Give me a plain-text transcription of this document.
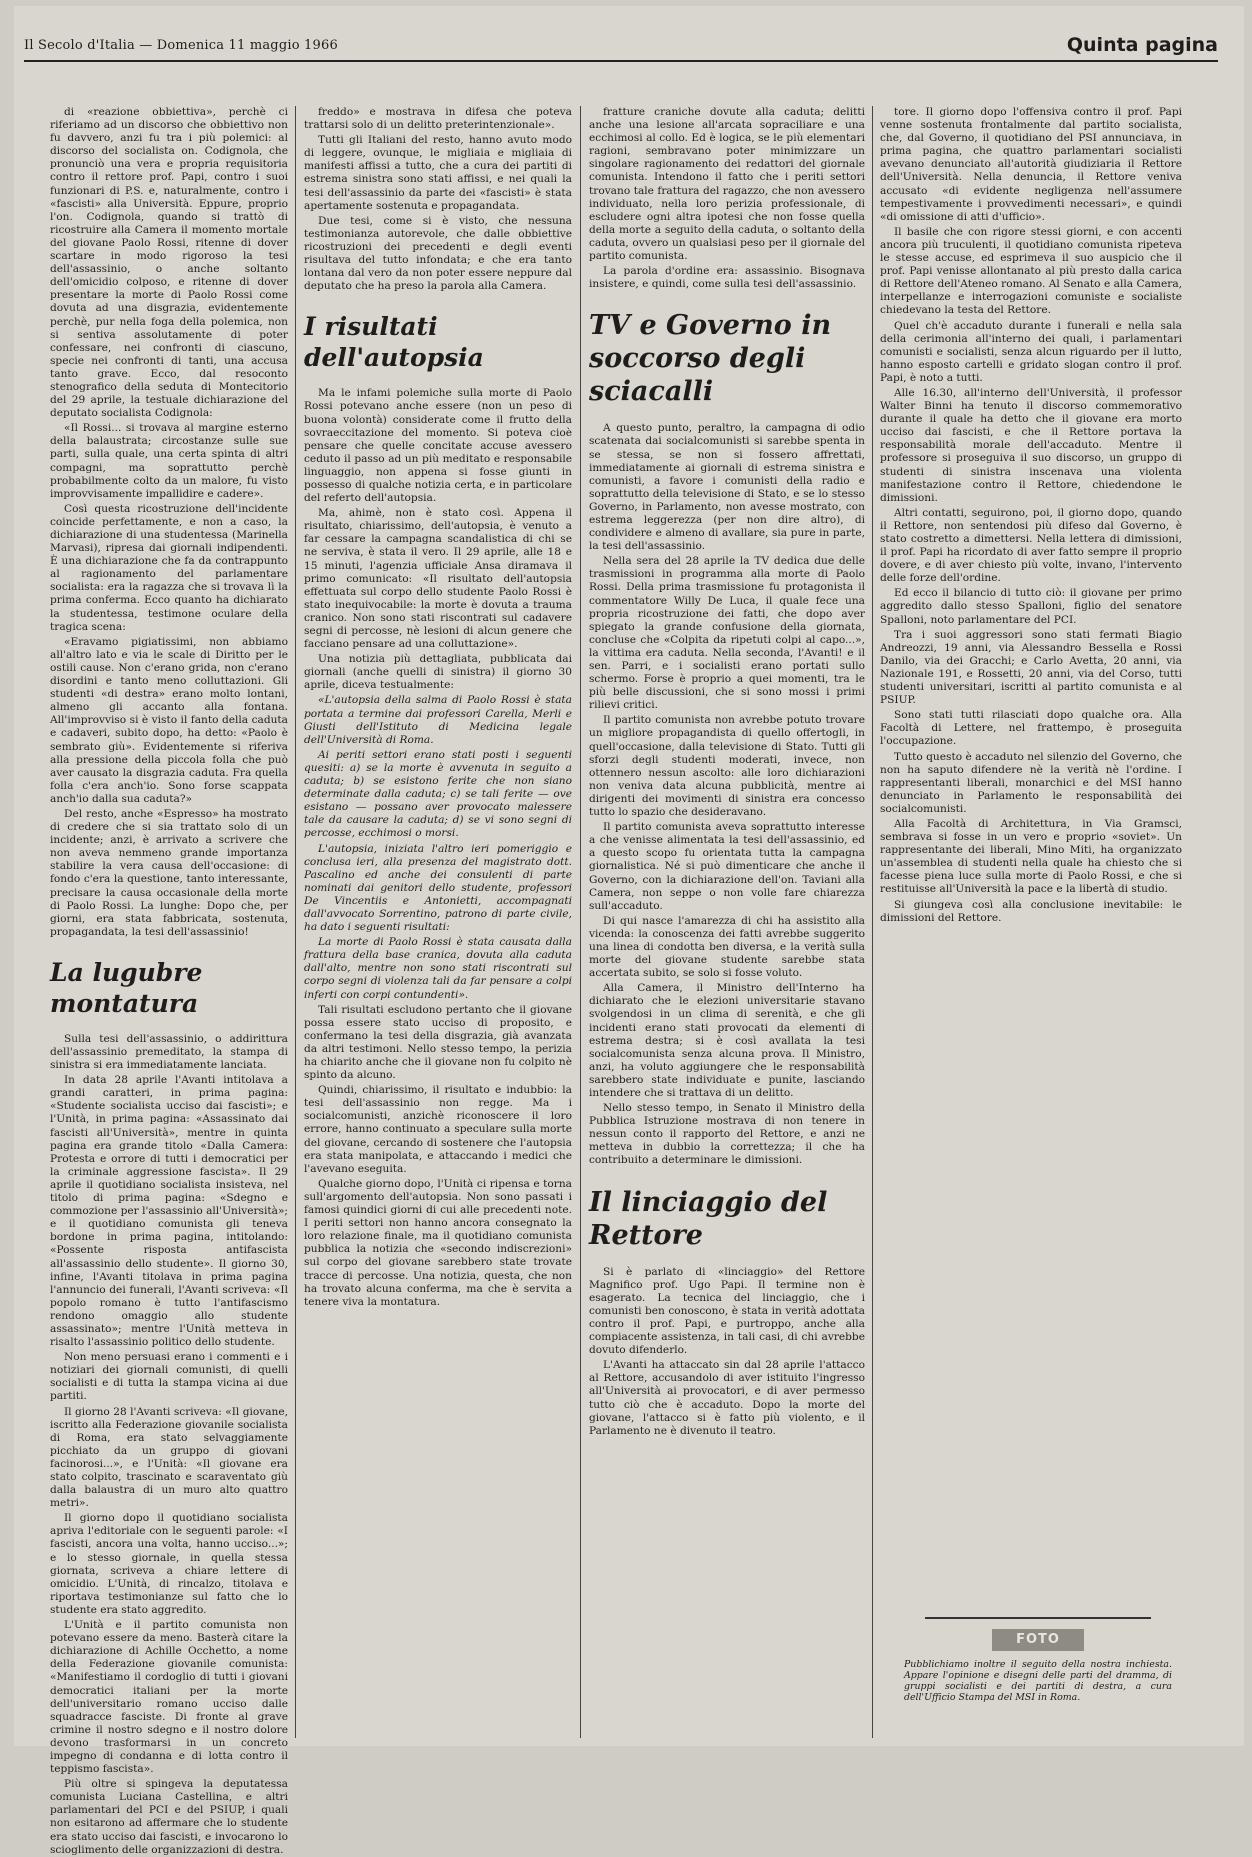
Il Secolo d'Italia — Domenica 11 maggio 1966	Quinta pagina

di «reazione obbiettiva», perchè ci riferiamo ad un discorso che obbiettivo non fu davvero, anzi fu tra i più polemici: al discorso del socialista on. Codignola, che pronunciò una vera e propria requisitoria contro il rettore prof. Papi, contro i suoi funzionari di P.S. e, naturalmente, contro i «fascisti» alla Università. Eppure, proprio l'on. Codignola, quando si trattò di ricostruire alla Camera il momento mortale del giovane Paolo Rossi, ritenne di dover scartare in modo rigoroso la tesi dell'assassinio, o anche soltanto dell'omicidio colposo, e ritenne di dover presentare la morte di Paolo Rossi come dovuta ad una disgrazia, evidentemente perchè, pur nella foga della polemica, non si sentiva assolutamente di poter confessare, nei confronti di ciascuno, specie nei confronti di tanti, una accusa tanto grave. Ecco, dal resoconto stenografico della seduta di Montecitorio del 29 aprile, la testuale dichiarazione del deputato socialista Codignola:

«Il Rossi... si trovava al margine esterno della balaustrata; circostanze sulle sue parti, sulla quale, una certa spinta di altri compagni, ma soprattutto perchè probabilmente colto da un malore, fu visto improvvisamente impallidire e cadere».

Così questa ricostruzione dell'incidente coincide perfettamente, e non a caso, la dichiarazione di una studentessa (Marinella Marvasi), ripresa dai giornali indipendenti. È una dichiarazione che fa da contrappunto al ragionamento del parlamentare socialista: era la ragazza che si trovava lì la prima conferma. Ecco quanto ha dichiarato la studentessa, testimone oculare della tragica scena:

«Eravamo pigiatissimi, non abbiamo all'altro lato e via le scale di Diritto per le ostili cause. Non c'erano grida, non c'erano disordini e tanto meno colluttazioni. Gli studenti «di destra» erano molto lontani, almeno gli accanto alla fontana. All'improvviso si è visto il fanto della caduta e cadaveri, subito dopo, ha detto: «Paolo è sembrato giù». Evidentemente si riferiva alla pressione della piccola folla che può aver causato la disgrazia caduta. Fra quella folla c'era anch'io. Sono forse scappata anch'io dalla sua caduta?»

Del resto, anche «Espresso» ha mostrato di credere che si sia trattato solo di un incidente; anzi, è arrivato a scrivere che non aveva nemmeno grande importanza stabilire la vera causa dell'occasione: di fondo c'era la questione, tanto interessante, precisare la causa occasionale della morte di Paolo Rossi. La lunghe: Dopo che, per giorni, era stata fabbricata, sostenuta, propagandata, la tesi dell'assassinio!

La lugubre montatura

Sulla tesi dell'assassinio, o addirittura dell'assassinio premeditato, la stampa di sinistra si era immediatamente lanciata.

In data 28 aprile l'Avanti intitolava a grandi caratteri, in prima pagina: «Studente socialista ucciso dai fascisti»; e l'Unità, in prima pagina: «Assassinato dai fascisti all'Università», mentre in quinta pagina era grande titolo «Dalla Camera: Protesta e orrore di tutti i democratici per la criminale aggressione fascista». Il 29 aprile il quotidiano socialista insisteva, nel titolo di prima pagina: «Sdegno e commozione per l'assassinio all'Università»; e il quotidiano comunista gli teneva bordone in prima pagina, intitolando: «Possente risposta antifascista all'assassinio dello studente». Il giorno 30, infine, l'Avanti titolava in prima pagina l'annuncio dei funerali, l'Avanti scriveva: «Il popolo romano è tutto l'antifascismo rendono omaggio allo studente assassinato»; mentre l'Unità metteva in risalto l'assassinio politico dello studente.

Non meno persuasi erano i commenti e i notiziari dei giornali comunisti, di quelli socialisti e di tutta la stampa vicina ai due partiti.

Il giorno 28 l'Avanti scriveva: «Il giovane, iscritto alla Federazione giovanile socialista di Roma, era stato selvaggiamente picchiato da un gruppo di giovani facinorosi...», e l'Unità: «Il giovane era stato colpito, trascinato e scaraventato giù dalla balaustra di un muro alto quattro metri».

Il giorno dopo il quotidiano socialista apriva l'editoriale con le seguenti parole: «I fascisti, ancora una volta, hanno ucciso...»; e lo stesso giornale, in quella stessa giornata, scriveva a chiare lettere di omicidio. L'Unità, di rincalzo, titolava e riportava testimonianze sul fatto che lo studente era stato aggredito.

L'Unità e il partito comunista non potevano essere da meno. Basterà citare la dichiarazione di Achille Occhetto, a nome della Federazione giovanile comunista: «Manifestiamo il cordoglio di tutti i giovani democratici italiani per la morte dell'universitario romano ucciso dalle squadracce fasciste. Di fronte al grave crimine il nostro sdegno e il nostro dolore devono trasformarsi in un concreto impegno di condanna e di lotta contro il teppismo fascista».

Più oltre si spingeva la deputatessa comunista Luciana Castellina, e altri parlamentari del PCI e del PSIUP, i quali non esitarono ad affermare che lo studente era stato ucciso dai fascisti, e invocarono lo scioglimento delle organizzazioni di destra.

freddo» e mostrava in difesa che poteva trattarsi solo di un delitto preterintenzionale».

Tutti gli Italiani del resto, hanno avuto modo di leggere, ovunque, le migliaia e migliaia di manifesti affissi a tutto, che a cura dei partiti di estrema sinistra sono stati affissi, e nei quali la tesi dell'assassinio da parte dei «fascisti» è stata apertamente sostenuta e propagandata.

Due tesi, come si è visto, che nessuna testimonianza autorevole, che dalle obbiettive ricostruzioni dei precedenti e degli eventi risultava del tutto infondata; e che era tanto lontana dal vero da non poter essere neppure dal deputato che ha preso la parola alla Camera.

I risultati dell'autopsia

Ma le infami polemiche sulla morte di Paolo Rossi potevano anche essere (non un peso di buona volontà) considerate come il frutto della sovraeccitazione del momento. Si poteva cioè pensare che quelle concitate accuse avessero ceduto il passo ad un più meditato e responsabile linguaggio, non appena si fosse giunti in possesso di qualche notizia certa, e in particolare del referto dell'autopsia.

Ma, ahimè, non è stato così. Appena il risultato, chiarissimo, dell'autopsia, è venuto a far cessare la campagna scandalistica di chi se ne serviva, è stata il vero. Il 29 aprile, alle 18 e 15 minuti, l'agenzia ufficiale Ansa diramava il primo comunicato: «Il risultato dell'autopsia effettuata sul corpo dello studente Paolo Rossi è stato inequivocabile: la morte è dovuta a trauma cranico. Non sono stati riscontrati sul cadavere segni di percosse, nè lesioni di alcun genere che facciano pensare ad una colluttazione».

Una notizia più dettagliata, pubblicata dai giornali (anche quelli di sinistra) il giorno 30 aprile, diceva testualmente:

«L'autopsia della salma di Paolo Rossi è stata portata a termine dai professori Carella, Merli e Giusti dell'Istituto di Medicina legale dell'Università di Roma.

Ai periti settori erano stati posti i seguenti quesiti: a) se la morte è avvenuta in seguito a caduta; b) se esistono ferite che non siano determinate dalla caduta; c) se tali ferite — ove esistano — possano aver provocato malessere tale da causare la caduta; d) se vi sono segni di percosse, ecchimosi o morsi.

L'autopsia, iniziata l'altro ieri pomeriggio e conclusa ieri, alla presenza del magistrato dott. Pascalino ed anche dei consulenti di parte nominati dai genitori dello studente, professori De Vincentiis e Antonietti, accompagnati dall'avvocato Sorrentino, patrono di parte civile, ha dato i seguenti risultati:

La morte di Paolo Rossi è stata causata dalla frattura della base cranica, dovuta alla caduta dall'alto, mentre non sono stati riscontrati sul corpo segni di violenza tali da far pensare a colpi inferti con corpi contundenti».

Tali risultati escludono pertanto che il giovane possa essere stato ucciso di proposito, e confermano la tesi della disgrazia, già avanzata da altri testimoni. Nello stesso tempo, la perizia ha chiarito anche che il giovane non fu colpito nè spinto da alcuno.

Quindi, chiarissimo, il risultato e indubbio: la tesi dell'assassinio non regge. Ma i socialcomunisti, anzichè riconoscere il loro errore, hanno continuato a speculare sulla morte del giovane, cercando di sostenere che l'autopsia era stata manipolata, e attaccando i medici che l'avevano eseguita.

Qualche giorno dopo, l'Unità ci ripensa e torna sull'argomento dell'autopsia. Non sono passati i famosi quindici giorni di cui alle precedenti note. I periti settori non hanno ancora consegnato la loro relazione finale, ma il quotidiano comunista pubblica la notizia che «secondo indiscrezioni» sul corpo del giovane sarebbero state trovate tracce di percosse. Una notizia, questa, che non ha trovato alcuna conferma, ma che è servita a tenere viva la montatura.

fratture craniche dovute alla caduta; delitti anche una lesione all'arcata sopraciliare e una ecchimosi al collo. Ed è logica, se le più elementari ragioni, sembravano poter minimizzare un singolare ragionamento dei redattori del giornale comunista. Intendono il fatto che i periti settori trovano tale frattura del ragazzo, che non avessero individuato, nella loro perizia professionale, di escludere ogni altra ipotesi che non fosse quella della morte a seguito della caduta, o soltanto della caduta, ovvero un qualsiasi peso per il giornale del partito comunista.

La parola d'ordine era: assassinio. Bisognava insistere, e quindi, come sulla tesi dell'assassinio.

TV e Governo in soccorso degli sciacalli

A questo punto, peraltro, la campagna di odio scatenata dai socialcomunisti si sarebbe spenta in se stessa, se non si fossero affrettati, immediatamente ai giornali di estrema sinistra e comunisti, a favore i comunisti della radio e soprattutto della televisione di Stato, e se lo stesso Governo, in Parlamento, non avesse mostrato, con estrema leggerezza (per non dire altro), di condividere e almeno di avallare, sia pure in parte, la tesi dell'assassinio.

Nella sera del 28 aprile la TV dedica due delle trasmissioni in programma alla morte di Paolo Rossi. Della prima trasmissione fu protagonista il commentatore Willy De Luca, il quale fece una propria ricostruzione dei fatti, che dopo aver spiegato la grande confusione della giornata, concluse che «Colpita da ripetuti colpi al capo...», la vittima era caduta. Nella seconda, l'Avanti! e il sen. Parri, e i socialisti erano portati sullo schermo. Forse è proprio a quei momenti, tra le più belle discussioni, che si sono mossi i primi rilievi critici.

Il partito comunista non avrebbe potuto trovare un migliore propagandista di quello offertogli, in quell'occasione, dalla televisione di Stato. Tutti gli sforzi degli studenti moderati, invece, non ottennero nessun ascolto: alle loro dichiarazioni non veniva data alcuna pubblicità, mentre ai dirigenti dei movimenti di sinistra era concesso tutto lo spazio che desideravano.

Il partito comunista aveva soprattutto interesse a che venisse alimentata la tesi dell'assassinio, ed a questo scopo fu orientata tutta la campagna giornalistica. Né si può dimenticare che anche il Governo, con la dichiarazione dell'on. Taviani alla Camera, non seppe o non volle fare chiarezza sull'accaduto.

Di qui nasce l'amarezza di chi ha assistito alla vicenda: la conoscenza dei fatti avrebbe suggerito una linea di condotta ben diversa, e la verità sulla morte del giovane studente sarebbe stata accertata subito, se solo si fosse voluto.

Alla Camera, il Ministro dell'Interno ha dichiarato che le elezioni universitarie stavano svolgendosi in un clima di serenità, e che gli incidenti erano stati provocati da elementi di estrema destra; si è così avallata la tesi socialcomunista senza alcuna prova. Il Ministro, anzi, ha voluto aggiungere che le responsabilità sarebbero state individuate e punite, lasciando intendere che si trattava di un delitto.

Nello stesso tempo, in Senato il Ministro della Pubblica Istruzione mostrava di non tenere in nessun conto il rapporto del Rettore, e anzi ne metteva in dubbio la correttezza; il che ha contribuito a determinare le dimissioni.

Il linciaggio del Rettore

Si è parlato di «linciaggio» del Rettore Magnifico prof. Ugo Papi. Il termine non è esagerato. La tecnica del linciaggio, che i comunisti ben conoscono, è stata in verità adottata contro il prof. Papi, e purtroppo, anche alla compiacente assistenza, in tali casi, di chi avrebbe dovuto difenderlo.

L'Avanti ha attaccato sin dal 28 aprile l'attacco al Rettore, accusandolo di aver istituito l'ingresso all'Università ai provocatori, e di aver permesso tutto ciò che è accaduto. Dopo la morte del giovane, l'attacco si è fatto più violento, e il Parlamento ne è divenuto il teatro.

tore. Il giorno dopo l'offensiva contro il prof. Papi venne sostenuta frontalmente dal partito socialista, che, dal Governo, il quotidiano del PSI annunciava, in prima pagina, che quattro parlamentari socialisti avevano denunciato all'autorità giudiziaria il Rettore dell'Università. Nella denuncia, il Rettore veniva accusato «di evidente negligenza nell'assumere tempestivamente i provvedimenti necessari», e quindi «di omissione di atti d'ufficio».

Il basile che con rigore stessi giorni, e con accenti ancora più truculenti, il quotidiano comunista ripeteva le stesse accuse, ed esprimeva il suo auspicio che il prof. Papi venisse allontanato al più presto dalla carica di Rettore dell'Ateneo romano. Al Senato e alla Camera, interpellanze e interrogazioni comuniste e socialiste chiedevano la testa del Rettore.

Quel ch'è accaduto durante i funerali e nella sala della cerimonia all'interno dei quali, i parlamentari comunisti e socialisti, senza alcun riguardo per il lutto, hanno esposto cartelli e gridato slogan contro il prof. Papi, è noto a tutti.

Alle 16.30, all'interno dell'Università, il professor Walter Binni ha tenuto il discorso commemorativo durante il quale ha detto che il giovane era morto ucciso dai fascisti, e che il Rettore portava la responsabilità morale dell'accaduto. Mentre il professore si proseguiva il suo discorso, un gruppo di studenti di sinistra inscenava una violenta manifestazione contro il Rettore, chiedendone le dimissioni.

Altri contatti, seguirono, poi, il giorno dopo, quando il Rettore, non sentendosi più difeso dal Governo, è stato costretto a dimettersi. Nella lettera di dimissioni, il prof. Papi ha ricordato di aver fatto sempre il proprio dovere, e di aver chiesto più volte, invano, l'intervento delle forze dell'ordine.

Ed ecco il bilancio di tutto ciò: il giovane per primo aggredito dallo stesso Spalloni, figlio del senatore Spalloni, noto parlamentare del PCI.

Tra i suoi aggressori sono stati fermati Biagio Andreozzi, 19 anni, via Alessandro Bessella e Rossi Danilo, via dei Gracchi; e Carlo Avetta, 20 anni, via Nazionale 191, e Rossetti, 20 anni, via del Corso, tutti studenti universitari, iscritti al partito comunista e al PSIUP.

Sono stati tutti rilasciati dopo qualche ora. Alla Facoltà di Lettere, nel frattempo, è proseguita l'occupazione.

Tutto questo è accaduto nel silenzio del Governo, che non ha saputo difendere nè la verità nè l'ordine. I rappresentanti liberali, monarchici e del MSI hanno denunciato in Parlamento le responsabilità dei socialcomunisti.

Alla Facoltà di Architettura, in Via Gramsci, sembrava si fosse in un vero e proprio «soviet». Un rappresentante dei liberali, Mino Miti, ha organizzato un'assemblea di studenti nella quale ha chiesto che si facesse piena luce sulla morte di Paolo Rossi, e che si restituisse all'Università la pace e la libertà di studio.

Si giungeva così alla conclusione inevitabile: le dimissioni del Rettore.

FOTO
Pubblichiamo inoltre il seguito della nostra inchiesta. Appare l'opinione e disegni delle parti del dramma, di gruppi socialisti e dei partiti di destra, a cura dell'Ufficio Stampa del MSI in Roma.
